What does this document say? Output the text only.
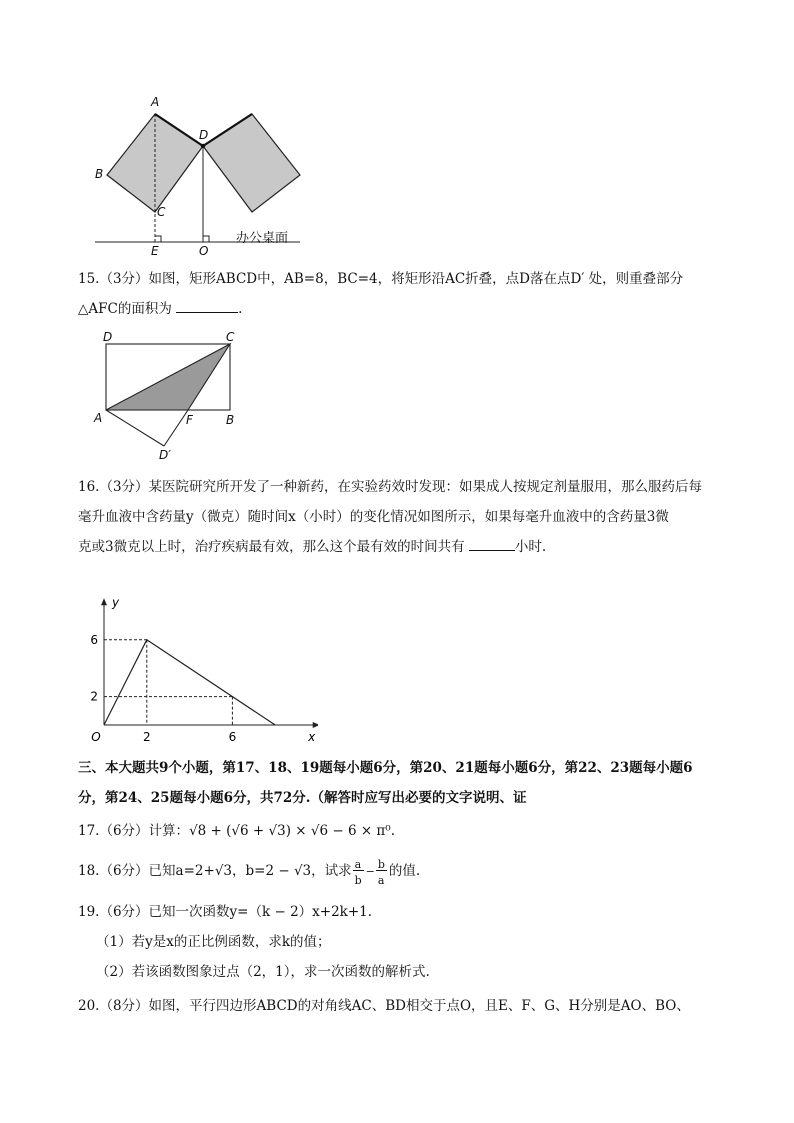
A
D
B
C
E	O
办公桌面
15.（3分）如图，矩形ABCD中，AB=8，BC=4，将矩形沿AC折叠，点D落在点D′ 处，则重叠部分
△AFC的面积为	.
D	C
A	F	B
D′
16.（3分）某医院研究所开发了一种新药，在实验药效时发现：如果成人按规定剂量服用，那么服药后每
毫升血液中含药量y（微克）随时间x（小时）的变化情况如图所示，如果每毫升血液中的含药量3微
克或3微克以上时，治疗疾病最有效，那么这个最有效的时间共有	小时.
2	6
2
6
O	x
y
三、本大题共9个小题，第17、18、19题每小题6分，第20、21题每小题6分，第22、23题每小题6
分，第24、25题每小题6分，共72分.（解答时应写出必要的文字说明、证
17.（6分）计算：√8 + (√6 + √3) × √6 − 6 × π⁰.
18.（6分）已知a=2+√3，b=2 − √3，试求 $\frac{a}{b} - \frac{b}{a}$ 的值.
19.（6分）已知一次函数y=（k − 2）x+2k+1.
（1）若y是x的正比例函数，求k的值；
（2）若该函数图象过点（2，1），求一次函数的解析式.
20.（8分）如图，平行四边形ABCD的对角线AC、BD相交于点O，且E、F、G、H分别是AO、BO、
